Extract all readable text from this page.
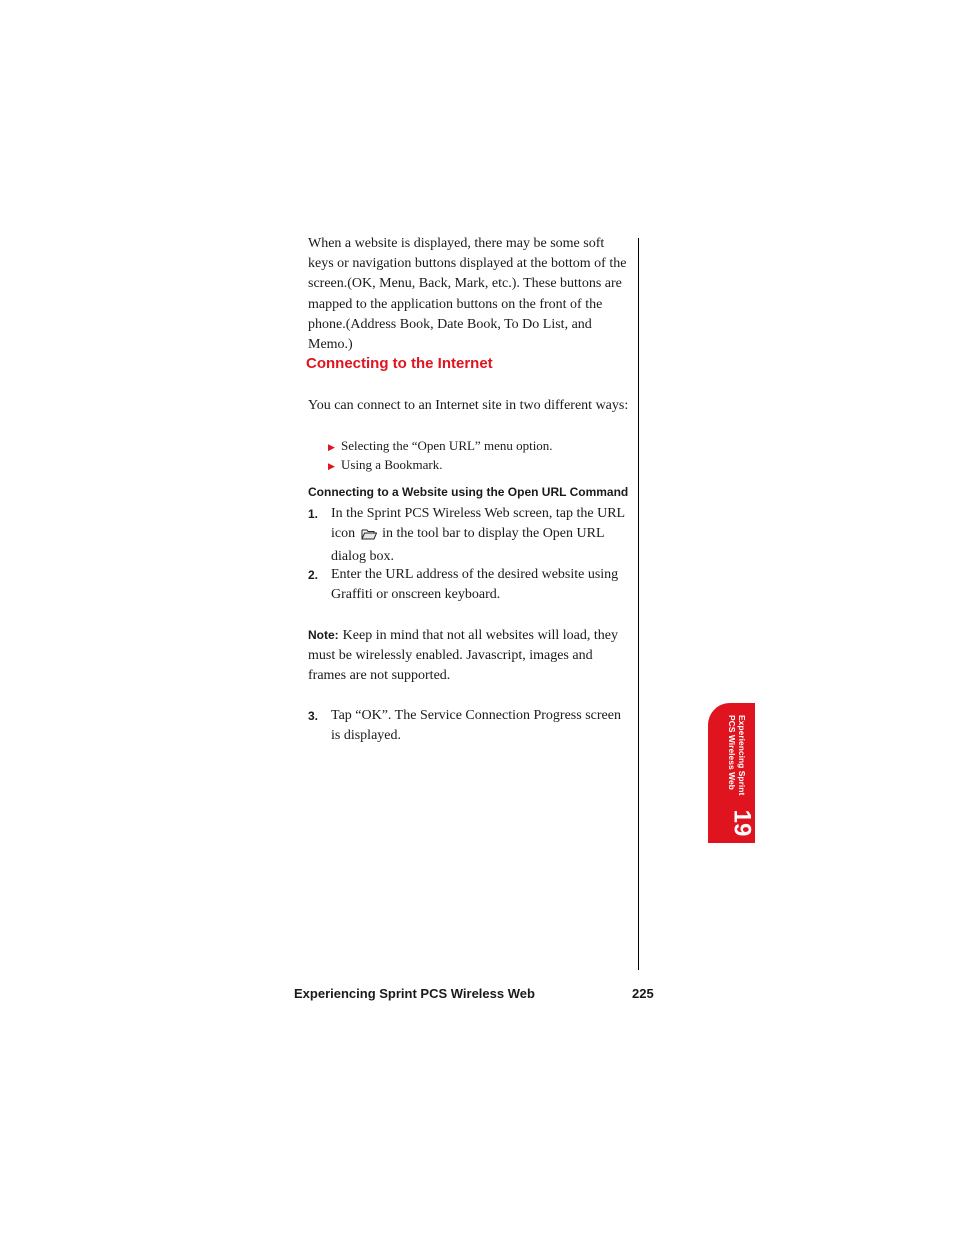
When a website is displayed, there may be some soft keys or navigation buttons displayed at the bottom of the screen.(OK, Menu, Back, Mark, etc.). These buttons are mapped to the application buttons on the front of the phone.(Address Book, Date Book, To Do List, and Memo.)
Connecting to the Internet
You can connect to an Internet site in two different ways:
▶ Selecting the “Open URL” menu option.
▶ Using a Bookmark.
Connecting to a Website using the Open URL Command
1. In the Sprint PCS Wireless Web screen, tap the URL icon in the tool bar to display the Open URL dialog box.
2. Enter the URL address of the desired website using Graffiti or onscreen keyboard.
Note: Keep in mind that not all websites will load, they must be wirelessly enabled. Javascript, images and frames are not supported.
3. Tap “OK”. The Service Connection Progress screen is displayed.	Experiencing Sprint
PCS Wireless Web
19
Experiencing Sprint PCS Wireless Web	225
